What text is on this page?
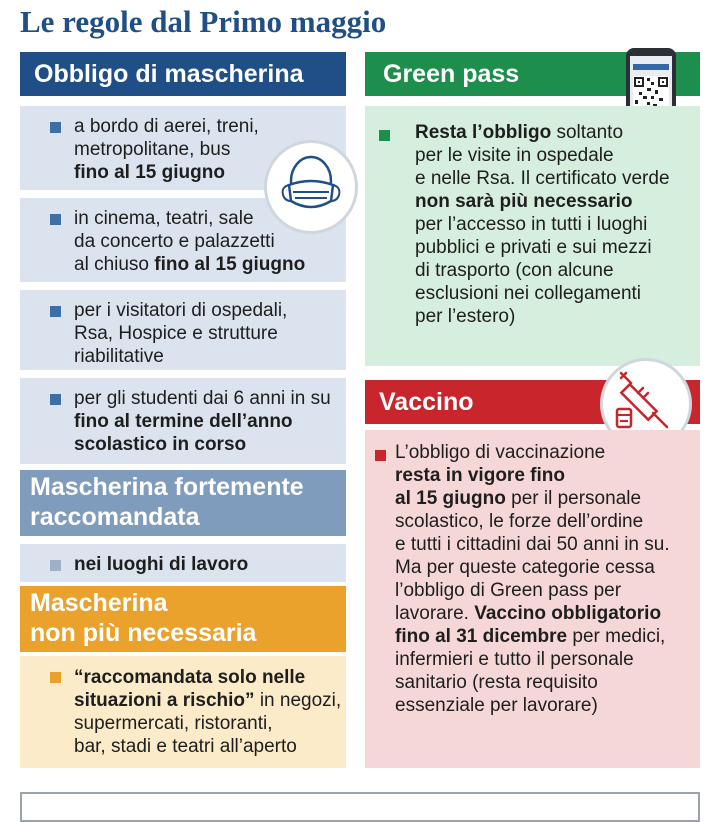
Le regole dal Primo maggio
Obbligo di mascherina
a bordo di aerei, treni,
metropolitane, bus
fino al 15 giugno
in cinema, teatri, sale
da concerto e palazzetti
al chiuso fino al 15 giugno
per i visitatori di ospedali,
Rsa, Hospice e strutture
riabilitative
per gli studenti dai 6 anni in su
fino al termine dell’anno
scolastico in corso
Mascherina fortemente
raccomandata
nei luoghi di lavoro
Mascherina
non più necessaria
“raccomandata solo nelle
situazioni a rischio” in negozi,
supermercati, ristoranti,
bar, stadi e teatri all’aperto
Green pass
Resta l’obbligo soltanto
per le visite in ospedale
e nelle Rsa. Il certificato verde
non sarà più necessario
per l’accesso in tutti i luoghi
pubblici e privati e sui mezzi
di trasporto (con alcune
esclusioni nei collegamenti
per l’estero)
Vaccino
L’obbligo di vaccinazione
resta in vigore fino
al 15 giugno per il personale
scolastico, le forze dell’ordine
e tutti i cittadini dai 50 anni in su.
Ma per queste categorie cessa
l’obbligo di Green pass per
lavorare. Vaccino obbligatorio
fino al 31 dicembre per medici,
infermieri e tutto il personale
sanitario (resta requisito
essenziale per lavorare)
